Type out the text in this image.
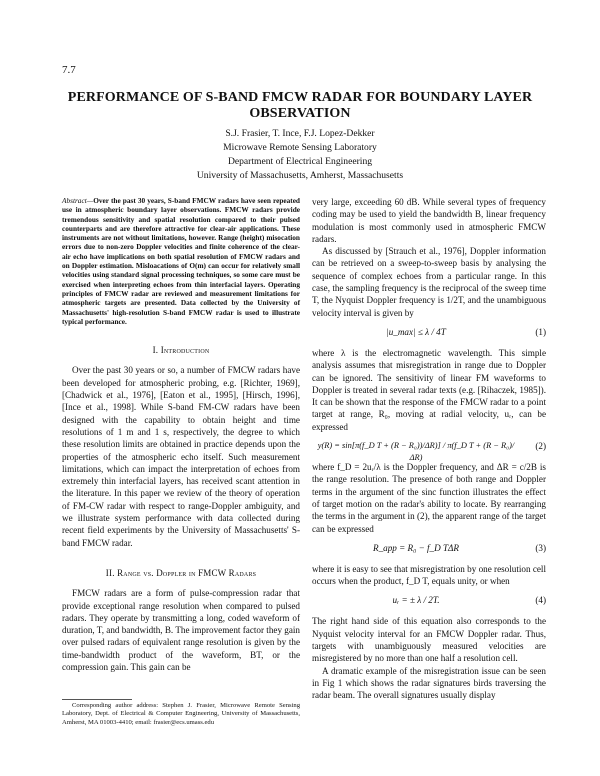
7.7
PERFORMANCE OF S-BAND FMCW RADAR FOR BOUNDARY LAYER OBSERVATION
S.J. Frasier, T. Ince, F.J. Lopez-Dekker
Microwave Remote Sensing Laboratory
Department of Electrical Engineering
University of Massachusetts, Amherst, Massachusetts

Abstract—Over the past 30 years, S-band FMCW radars have seen repeated use in atmospheric boundary layer observations. FMCW radars provide tremendous sensitivity and spatial resolution compared to their pulsed counterparts and are therefore attractive for clear-air applications. These instruments are not without limitations, however. Range (height) misocation errors due to non-zero Doppler velocities and finite coherence of the clear-air echo have implications on both spatial resolution of FMCW radars and on Doppler estimation. Misloacations of O(m) can occur for relatively small velocities using standard signal processing techniques, so some care must be exercised when interpreting echoes from thin interfacial layers. Operating principles of FMCW radar are reviewed and measurement limitations for atmospheric targets are presented. Data collected by the University of Massachusetts' high-resolution S-band FMCW radar is used to illustrate typical performance.

I. Introduction

Over the past 30 years or so, a number of FMCW radars have been developed for atmospheric probing, e.g. [Richter, 1969], [Chadwick et al., 1976], [Eaton et al., 1995], [Hirsch, 1996], [Ince et al., 1998]. While S-band FM-CW radars have been designed with the capability to obtain height and time resolutions of 1 m and 1 s, respectively, the degree to which these resolution limits are obtained in practice depends upon the properties of the atmospheric echo itself. Such measurement limitations, which can impact the interpretation of echoes from extremely thin interfacial layers, has received scant attention in the literature. In this paper we review of the theory of operation of FM-CW radar with respect to range-Doppler ambiguity, and we illustrate system performance with data collected during recent field experiments by the University of Massachusetts' S-band FMCW radar.

II. Range vs. Doppler in FMCW Radars

FMCW radars are a form of pulse-compression radar that provide exceptional range resolution when compared to pulsed radars. They operate by transmitting a long, coded waveform of duration, T, and bandwidth, B. The improvement factor they gain over pulsed radars of equivalent range resolution is given by the time-bandwidth product of the waveform, BT, or the compression gain. This gain can be

Corresponding author address: Stephen J. Frasier, Microwave Remote Sensing Laboratory, Dept. of Electrical & Computer Engineering, University of Massachusetts, Amherst, MA 01003-4410; email: frasier@ecs.umass.edu

very large, exceeding 60 dB. While several types of frequency coding may be used to yield the bandwidth B, linear frequency modulation is most commonly used in atmospheric FMCW radars.

As discussed by [Strauch et al., 1976], Doppler information can be retrieved on a sweep-to-sweep basis by analysing the sequence of complex echoes from a particular range. In this case, the sampling frequency is the reciprocal of the sweep time T, the Nyquist Doppler frequency is 1/2T, and the unambiguous velocity interval is given by

|u_max| ≤ λ / 4T	(1)

where λ is the electromagnetic wavelength. This simple analysis assumes that misregistration in range due to Doppler can be ignored. The sensitivity of linear FM waveforms to Doppler is treated in several radar texts (e.g. [Rihaczek, 1985]). It can be shown that the response of the FMCW radar to a point target at range, R₀, moving at radial velocity, uᵣ, can be expressed

y(R) = sin[π(f_D T + (R − R₀))/ΔR)] / π(f_D T + (R − R₀)/ΔR)
(2)

where f_D = 2uᵣ/λ is the Doppler frequency, and ΔR = c/2B is the range resolution. The presence of both range and Doppler terms in the argument of the sinc function illustrates the effect of target motion on the radar's ability to locate. By rearranging the terms in the argument in (2), the apparent range of the target can be expressed

R_app = R₀ − f_D TΔR	(3)

where it is easy to see that misregistration by one resolution cell occurs when the product, f_D T, equals unity, or when

uᵣ = ± λ / 2T.	(4)

The right hand side of this equation also corresponds to the Nyquist velocity interval for an FMCW Doppler radar. Thus, targets with unambiguously measured velocities are misregistered by no more than one half a resolution cell.

A dramatic example of the misregistration issue can be seen in Fig 1 which shows the radar signatures birds traversing the radar beam. The overall signatures usually display
